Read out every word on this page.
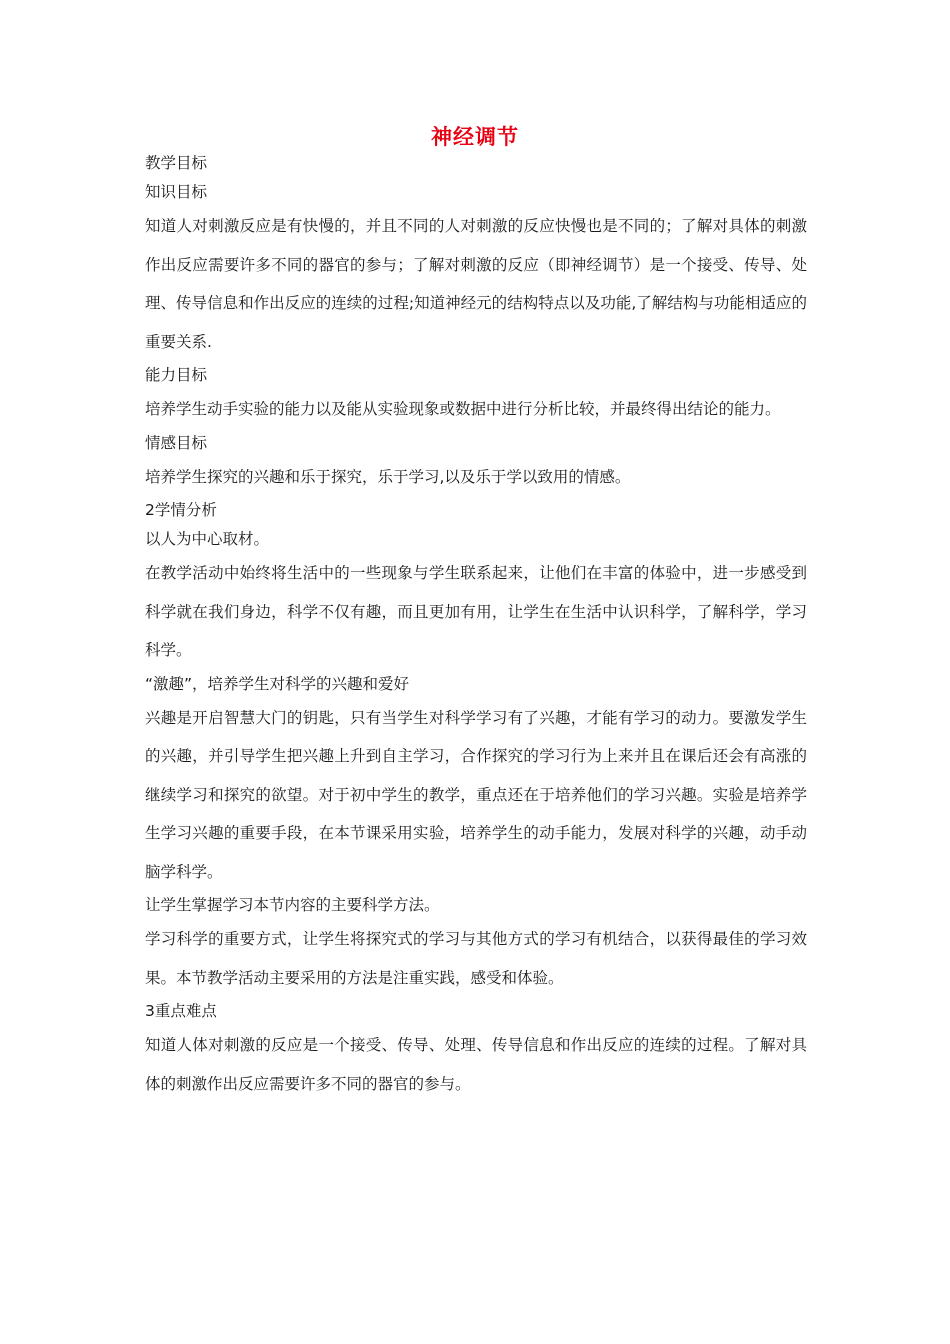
神经调节
教学目标
知识目标
知道人对刺激反应是有快慢的，并且不同的人对刺激的反应快慢也是不同的；了解对具体的刺激作出反应需要许多不同的器官的参与；了解对刺激的反应（即神经调节）是一个接受、传导、处理、传导信息和作出反应的连续的过程;知道神经元的结构特点以及功能,了解结构与功能相适应的重要关系.
能力目标
培养学生动手实验的能力以及能从实验现象或数据中进行分析比较，并最终得出结论的能力。
情感目标
培养学生探究的兴趣和乐于探究，乐于学习,以及乐于学以致用的情感。
2学情分析
以人为中心取材。
在教学活动中始终将生活中的一些现象与学生联系起来，让他们在丰富的体验中，进一步感受到科学就在我们身边，科学不仅有趣，而且更加有用，让学生在生活中认识科学，了解科学，学习科学。
“激趣”，培养学生对科学的兴趣和爱好
兴趣是开启智慧大门的钥匙，只有当学生对科学学习有了兴趣，才能有学习的动力。要激发学生的兴趣，并引导学生把兴趣上升到自主学习，合作探究的学习行为上来并且在课后还会有高涨的继续学习和探究的欲望。对于初中学生的教学，重点还在于培养他们的学习兴趣。实验是培养学生学习兴趣的重要手段，在本节课采用实验，培养学生的动手能力，发展对科学的兴趣，动手动脑学科学。
让学生掌握学习本节内容的主要科学方法。
学习科学的重要方式，让学生将探究式的学习与其他方式的学习有机结合，以获得最佳的学习效果。本节教学活动主要采用的方法是注重实践，感受和体验。
3重点难点
知道人体对刺激的反应是一个接受、传导、处理、传导信息和作出反应的连续的过程。了解对具体的刺激作出反应需要许多不同的器官的参与。
